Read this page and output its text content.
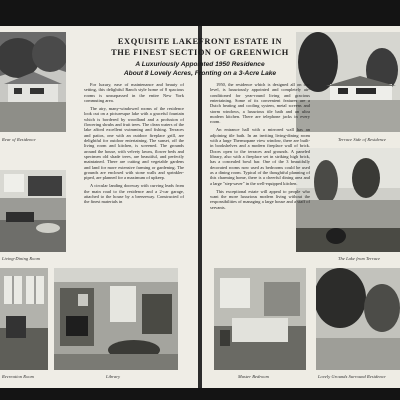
Rear of Residence
Living-Dining Room
Recreation Room	Library
Terrace Side of Residence
The Lake from Terrace
Master Bedroom	Lovely Grounds Surround Residence
EXQUISITE LAKEFRONT ESTATE IN
THE FINEST SECTION OF GREENWICH
A Luxuriously Appointed 1950 Residence
About 8 Lovely Acres, Fronting on a 3-Acre Lake

For luxury, ease of maintenance and beauty of setting, this delightful Ranch style home of 8 spacious rooms is unsurpassed in the entire New York commuting area.

The airy, many-windowed rooms of the residence look out on a picturesque lake with a graceful fountain which is bordered by woodland and a profusion of flowering shrubs and fruit trees. The clean waters of the lake afford excellent swimming and fishing. Terraces and patios, one with an outdoor fireplace grill, are delightful for outdoor entertaining. The sunset, off the living room and kitchen, is screened. The grounds around the house, with velvety lawns, flower beds and specimen old shade trees, are beautiful, and perfectly maintained. There are cutting and vegetable gardens and land for more extensive farming or gardening. The grounds are enclosed with stone walls and sprinkler-piped, are planned for a maximum of upkeep.

A circular landing doorway with curving leads from the main road to the residence and a 2-car garage, attached to the house by a breezeway. Constructed of the finest materials in

1950, the residence which is designed all on one level, is luxuriously appointed and completely air-conditioned for year-round living and gracious entertaining. Some of its convenient features are a Dutch heating and cooling system, metal screens and storm windows, a luxurious tile bath and an ultra modern kitchen. There are telephone jacks in every room.

An entrance hall with a mirrored wall has an adjoining tile bath. In an inviting living-dining room with a large Thermopane view window, there are built-in bookshelves and a modern fireplace wall of brick. Doors open to the terraces and grounds. A paneled library, also with a fireplace set in striking high brick, has a concealed bowl bar. One of the 3 beautifully decorated rooms now used as bedrooms could be used as a dining room. Typical of the thoughtful planning of this charming home, there is a cheerful dining area and a large "step-saver" in the well-equipped kitchen.

This exceptional estate will appeal to people who want the more luxurious modern living without the responsibilities of managing a large house and a staff of servants.
